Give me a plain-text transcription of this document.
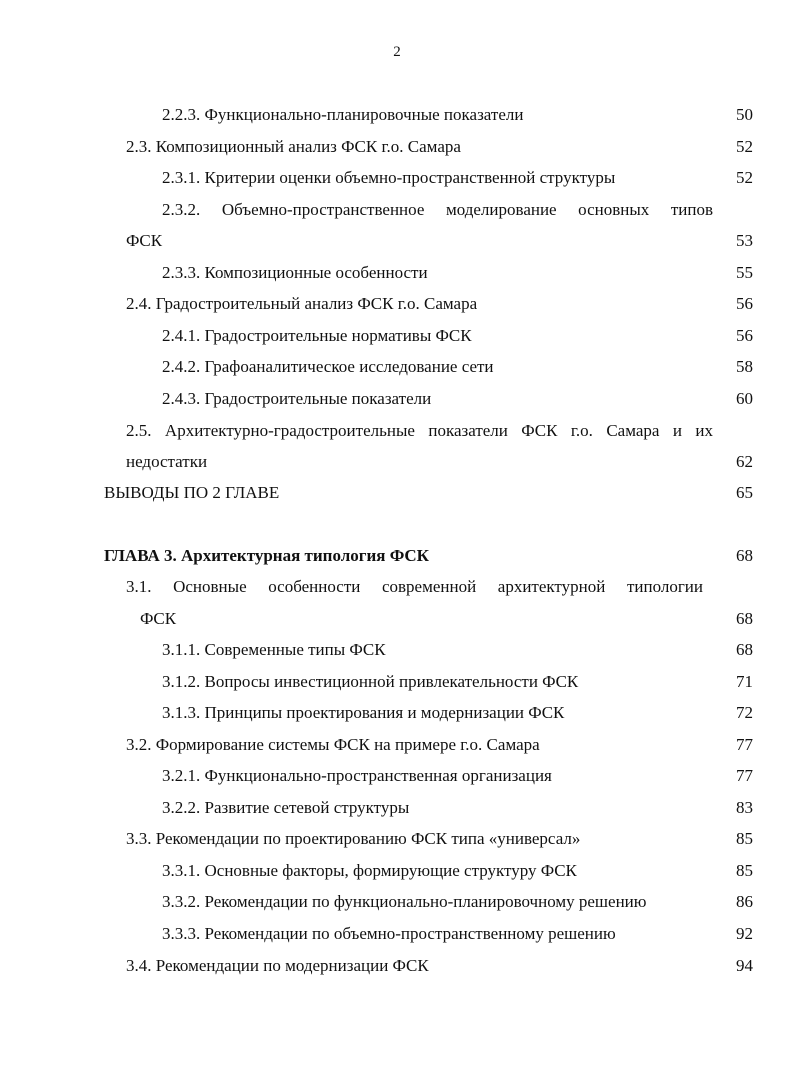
2
2.2.3. Функционально-планировочные показатели	50
2.3. Композиционный анализ ФСК г.о. Самара	52
2.3.1. Критерии оценки объемно-пространственной структуры	52
2.3.2. Объемно-пространственное моделирование основных типов
ФСК	53
2.3.3. Композиционные особенности	55
2.4. Градостроительный анализ ФСК г.о. Самара	56
2.4.1. Градостроительные нормативы ФСК	56
2.4.2. Графоаналитическое исследование сети	58
2.4.3. Градостроительные показатели	60
2.5. Архитектурно-градостроительные показатели ФСК г.о. Самара и их
недостатки	62
ВЫВОДЫ ПО 2 ГЛАВЕ	65
ГЛАВА 3. Архитектурная типология ФСК	68
3.1. Основные особенности современной архитектурной типологии
ФСК	68
3.1.1. Современные типы ФСК	68
3.1.2. Вопросы инвестиционной привлекательности ФСК	71
3.1.3. Принципы проектирования и модернизации ФСК	72
3.2. Формирование системы ФСК на примере г.о. Самара	77
3.2.1. Функционально-пространственная организация	77
3.2.2. Развитие сетевой структуры	83
3.3. Рекомендации по проектированию ФСК типа «универсал»	85
3.3.1. Основные факторы, формирующие структуру ФСК	85
3.3.2. Рекомендации по функционально-планировочному решению	86
3.3.3. Рекомендации по объемно-пространственному решению	92
3.4. Рекомендации по модернизации ФСК	94
